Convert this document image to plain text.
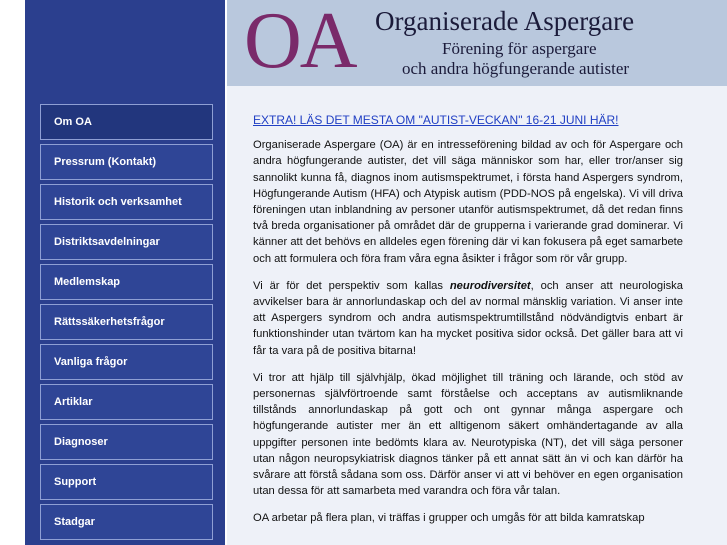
OA Organiserade Aspergare
Förening för aspergare
och andra högfungerande autister
Om OA
Pressrum (Kontakt)
Historik och verksamhet
Distriktsavdelningar
Medlemskap
Rättssäkerhetsfrågor
Vanliga frågor
Artiklar
Diagnoser
Support
Stadgar
EXTRA! LÄS DET MESTA OM "AUTIST-VECKAN" 16-21 JUNI HÄR!

Organiserade Aspergare (OA) är en intresseförening bildad av och för Aspergare och andra högfungerande autister, det vill säga människor som har, eller tror/anser sig sannolikt kunna få, diagnos inom autismspektrumet, i första hand Aspergers syndrom, Högfungerande Autism (HFA) och Atypisk autism (PDD-NOS på engelska). Vi vill driva föreningen utan inblandning av personer utanför autismspektrumet, då det redan finns två breda organisationer på området där de grupperna i varierande grad dominerar. Vi känner att det behövs en alldeles egen förening där vi kan fokusera på eget samarbete och att formulera och föra fram våra egna åsikter i frågor som rör vår grupp.

Vi är för det perspektiv som kallas neurodiversitet, och anser att neurologiska avvikelser bara är annorlundaskap och del av normal mänsklig variation. Vi anser inte att Aspergers syndrom och andra autismspektrumtillstånd nödvändigtvis enbart är funktionshinder utan tvärtom kan ha mycket positiva sidor också. Det gäller bara att vi får ta vara på de positiva bitarna!

Vi tror att hjälp till självhjälp, ökad möjlighet till träning och lärande, och stöd av personernas självförtroende samt förståelse och acceptans av autismliknande tillstånds annorlundaskap på gott och ont gynnar många aspergare och högfungerande autister mer än ett alltigenom säkert omhändertagande av alla uppgifter personen inte bedömts klara av. Neurotypiska (NT), det vill säga personer utan någon neuropsykiatrisk diagnos tänker på ett annat sätt än vi och kan därför ha svårare att förstå sådana som oss. Därför anser vi att vi behöver en egen organisation utan dessa för att samarbeta med varandra och föra vår talan.

OA arbetar på flera plan, vi träffas i grupper och umgås för att bilda kamratskap
